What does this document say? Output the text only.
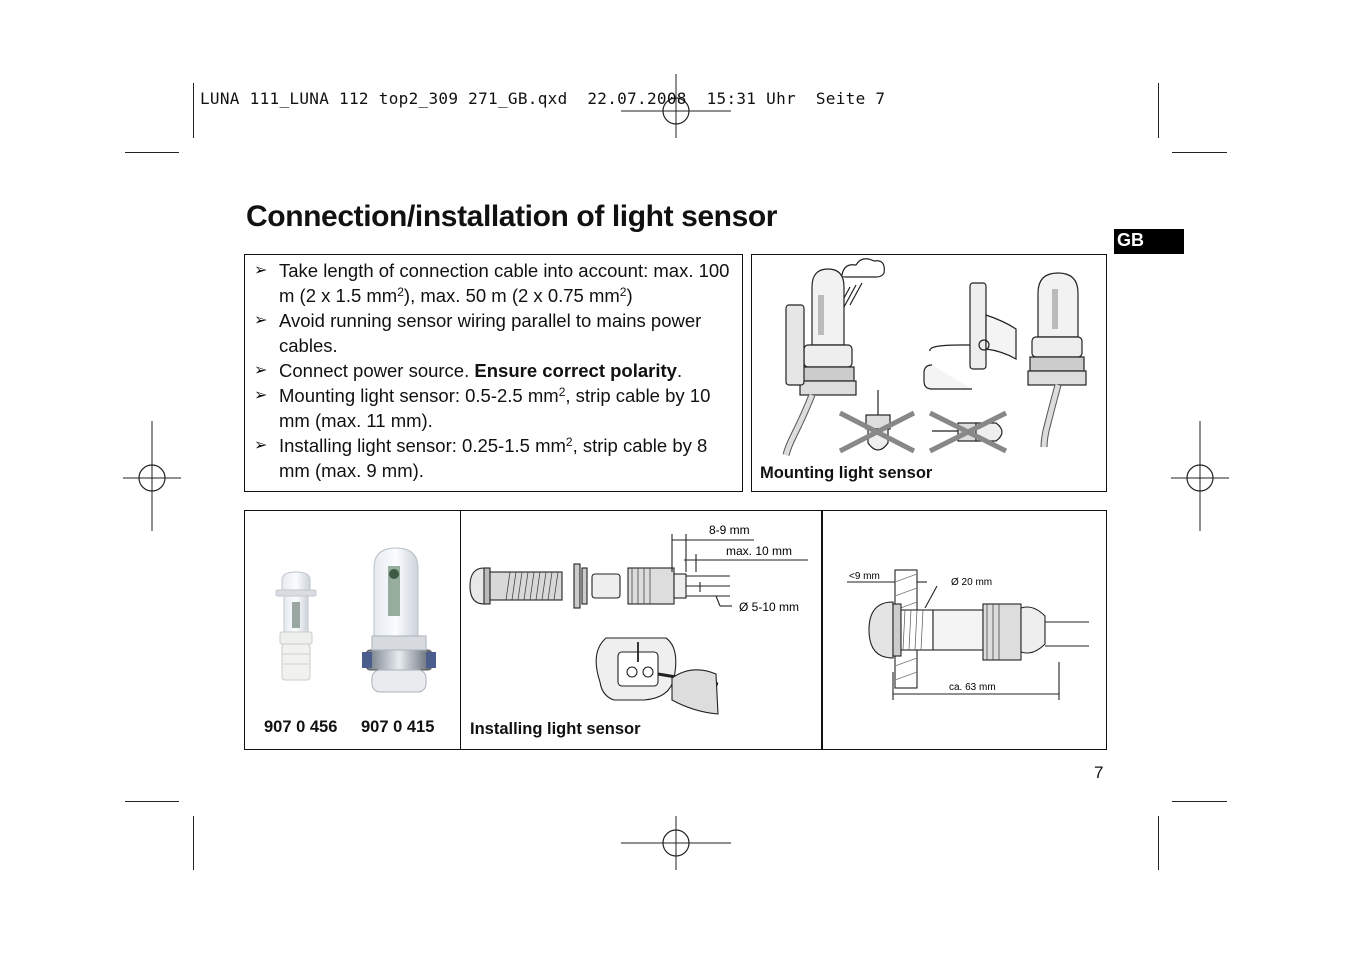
LUNA 111_LUNA 112 top2_309 271_GB.qxd  22.07.2008  15:31 Uhr  Seite 7
Connection/installation of light sensor
GB
➢ Take length of connection cable into account: max. 100 m (2 x 1.5 $mm^2$), max. 50 m (2 x 0.75 $mm^2$)
➢ Avoid running sensor wiring parallel to mains power cables.
➢ Connect power source. Ensure correct polarity.
➢ Mounting light sensor: 0.5-2.5 $mm^2$, strip cable by 10 mm (max. 11 mm).
➢ Installing light sensor: 0.25-1.5 $mm^2$, strip cable by 8 mm (max. 9 mm).	Mounting light sensor
907 0 456 907 0 415
8-9 mm
max. 10 mm
Ø 5-10 mm
Installing light sensor
<9 mm
Ø 20 mm
ca. 63 mm
7
